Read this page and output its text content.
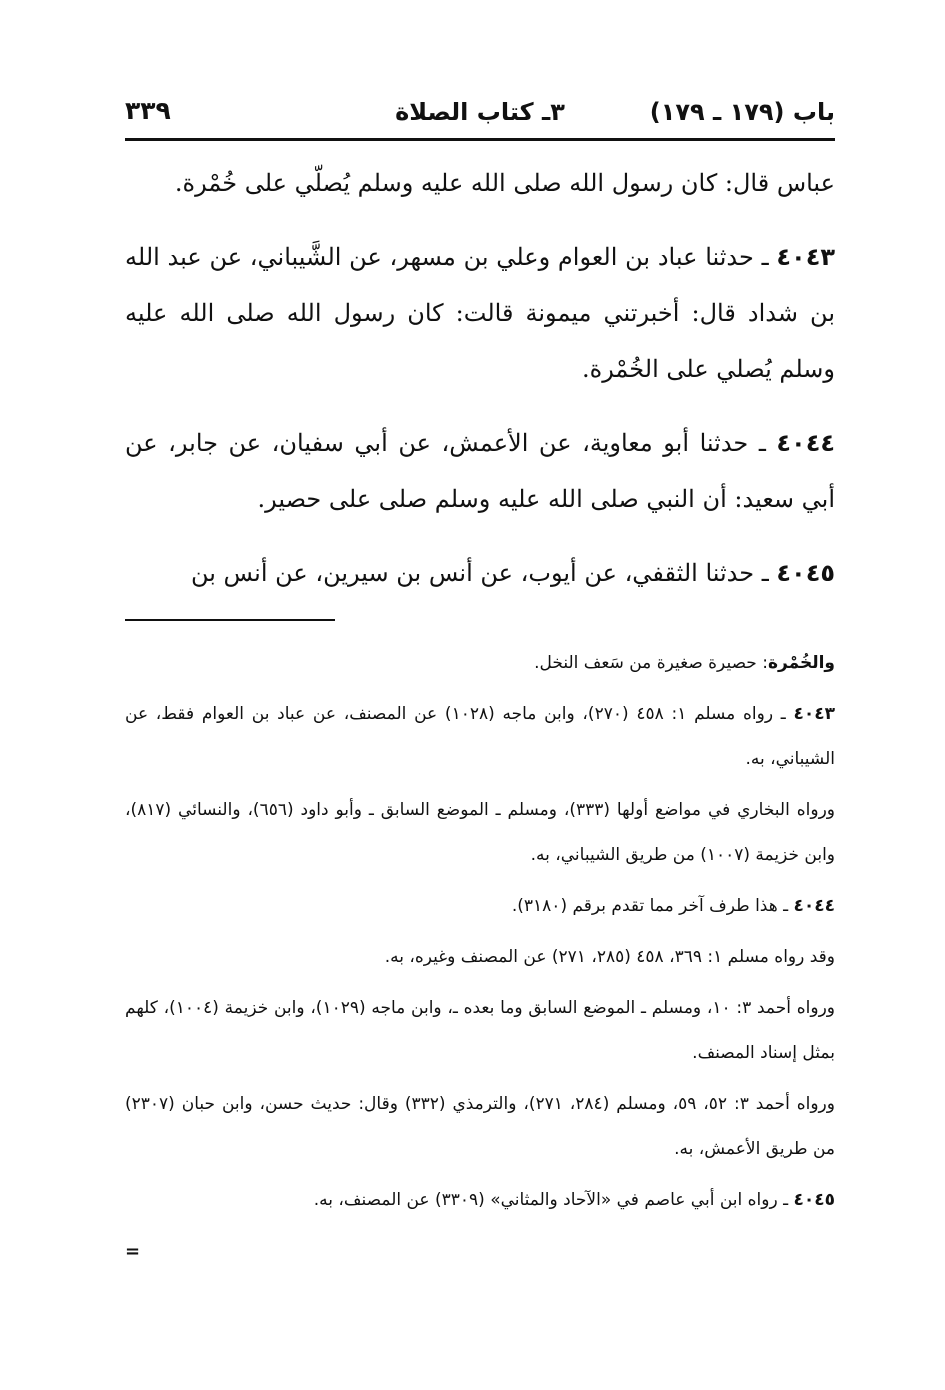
باب (١٧٩ ـ ١٧٩)
٣ـ كتاب الصلاة
٣٣٩

عباس قال: كان رسول الله صلى الله عليه وسلم يُصلّي على خُمْرة.

٤٠٤٣ ـ حدثنا عباد بن العوام وعلي بن مسهر، عن الشَّيباني، عن عبد الله بن شداد قال: أخبرتني ميمونة قالت: كان رسول الله صلى الله عليه وسلم يُصلي على الخُمْرة.

٤٠٤٤ ـ حدثنا أبو معاوية، عن الأعمش، عن أبي سفيان، عن جابر، عن أبي سعيد: أن النبي صلى الله عليه وسلم صلى على حصير.

٤٠٤٥ ـ حدثنا الثقفي، عن أيوب، عن أنس بن سيرين، عن أنس بن

والخُمْرة: حصيرة صغيرة من سَعف النخل.

٤٠٤٣ ـ رواه مسلم ١: ٤٥٨ (٢٧٠)، وابن ماجه (١٠٢٨) عن المصنف، عن عباد بن العوام فقط، عن الشيباني، به.

ورواه البخاري في مواضع أولها (٣٣٣)، ومسلم ـ الموضع السابق ـ وأبو داود (٦٥٦)، والنسائي (٨١٧)، وابن خزيمة (١٠٠٧) من طريق الشيباني، به.

٤٠٤٤ ـ هذا طرف آخر مما تقدم برقم (٣١٨٠).

وقد رواه مسلم ١: ٣٦٩، ٤٥٨ (٢٨٥، ٢٧١) عن المصنف وغيره، به.

ورواه أحمد ٣: ١٠، ومسلم ـ الموضع السابق وما بعده ـ، وابن ماجه (١٠٢٩)، وابن خزيمة (١٠٠٤)، كلهم بمثل إسناد المصنف.

ورواه أحمد ٣: ٥٢، ٥٩، ومسلم (٢٨٤، ٢٧١)، والترمذي (٣٣٢) وقال: حديث حسن، وابن حبان (٢٣٠٧) من طريق الأعمش، به.

٤٠٤٥ ـ رواه ابن أبي عاصم في «الآحاد والمثاني» (٣٣٠٩) عن المصنف، به.

=
